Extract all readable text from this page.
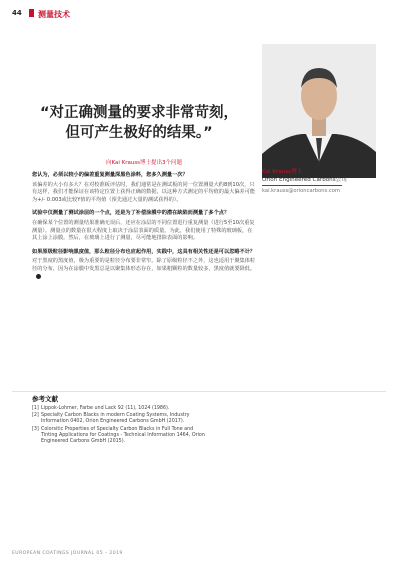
44 测量技术
“对正确测量的要求非常苛刻，
但可产生极好的结果。”
向Kai Krauss博士提出3个问题
Kai Krauss博士
Orion Engineered Carbons公司
kai.krauss@orioncarbons.com
您认为，必须以较小的偏差重复测量深黑色涂料，您多久测量一次？
该偏差的大小有多大？在对校准板评估时，我们通常是在测试板的同一位置测量大约8到10次，只有这样，我们才能保证在该特定位置上获得正确的数据，以这种方式测定的平均值的最大偏差可能为+/- 0.003或比较Y值的平均值（预先通过大量的测试获得的）。
试验中仅测量了测试涂层的一个点，还是为了补偿涂膜中的潜在缺陷而测量了多个点？
在确保某个位置的测量结果准确无误后，还应在涂层的不同位置进行重复测量（进行5至10次重复测量）。测量点的数量在很大程度上取决于涂层表面的质量。为此，我们使用了特殊的玻璃板，在其上涂上涂膜。然后，在玻璃上进行了测量，尽可能地排除表面的影响。
如果原级粒径影响黑度值，那么粒径分布也应起作用，实践中，这具有相关性还是可以忽略不计？
对于黑度的黑度值，极为重要的是粒径分布要非常窄。除了原级粒径不之外，这也适用于聚集体粒径的分布，因为在涂膜中发黑总是以聚集体形态存在，如果粗颗粒的数量较多，黑度值就要降低。
参考文献
[1] Lippok-Lohmer, Farbe und Lack 92 (11), 1024 (1986).
[2] Specialty Carbon Blacks in modern Coating Systems, Industry Information 0402, Orion Engineered Carbons GmbH (2017).
[3] Colorsitic Properties of Specialty Carbon Blacks in Full Tone and Tinting Applications for Coatings - Technical Information 1464, Orion Engineered Carbons GmbH (2015).
EUROPEAN COATINGS JOURNAL 05 – 2019
